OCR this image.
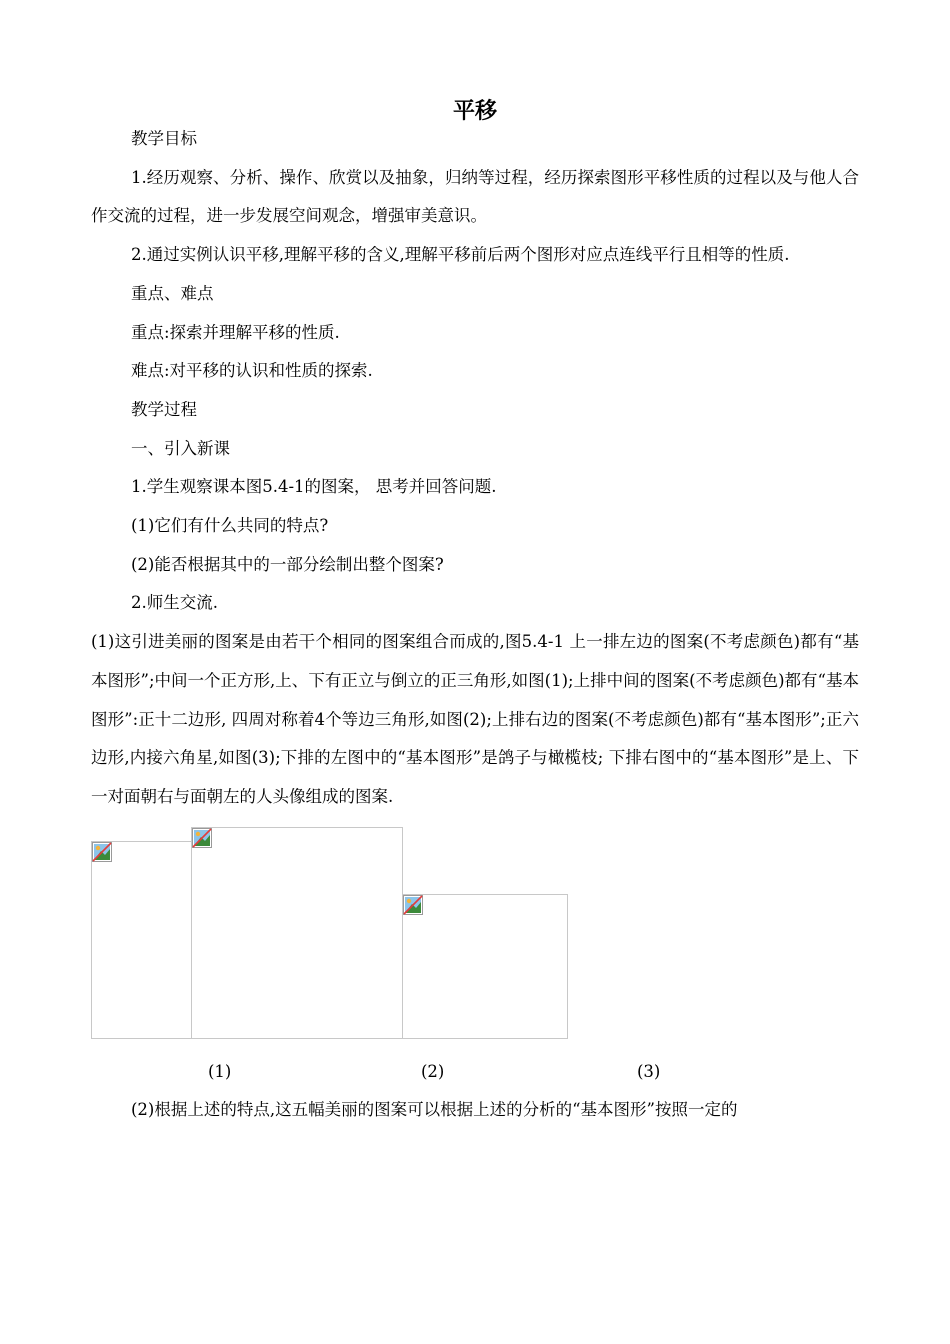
平移

教学目标

1.经历观察、分析、操作、欣赏以及抽象，归纳等过程，经历探索图形平移性质的过程以及与他人合作交流的过程，进一步发展空间观念，增强审美意识。

2.通过实例认识平移,理解平移的含义,理解平移前后两个图形对应点连线平行且相等的性质.

重点、难点

重点:探索并理解平移的性质.

难点:对平移的认识和性质的探索.

教学过程

一、引入新课

1.学生观察课本图5.4-1的图案， 思考并回答问题.

(1)它们有什么共同的特点?

(2)能否根据其中的一部分绘制出整个图案?

2.师生交流.

(1)这引进美丽的图案是由若干个相同的图案组合而成的,图5.4-1 上一排左边的图案(不考虑颜色)都有“基本图形”;中间一个正方形,上、下有正立与倒立的正三角形,如图(1);上排中间的图案(不考虑颜色)都有“基本图形”:正十二边形, 四周对称着4个等边三角形,如图(2);上排右边的图案(不考虑颜色)都有“基本图形”;正六边形,内接六角星,如图(3);下排的左图中的“基本图形”是鸽子与橄榄枝; 下排右图中的“基本图形”是上、下一对面朝右与面朝左的人头像组成的图案.

(1)	(2)	(3)

(2)根据上述的特点,这五幅美丽的图案可以根据上述的分析的“基本图形”按照一定的
